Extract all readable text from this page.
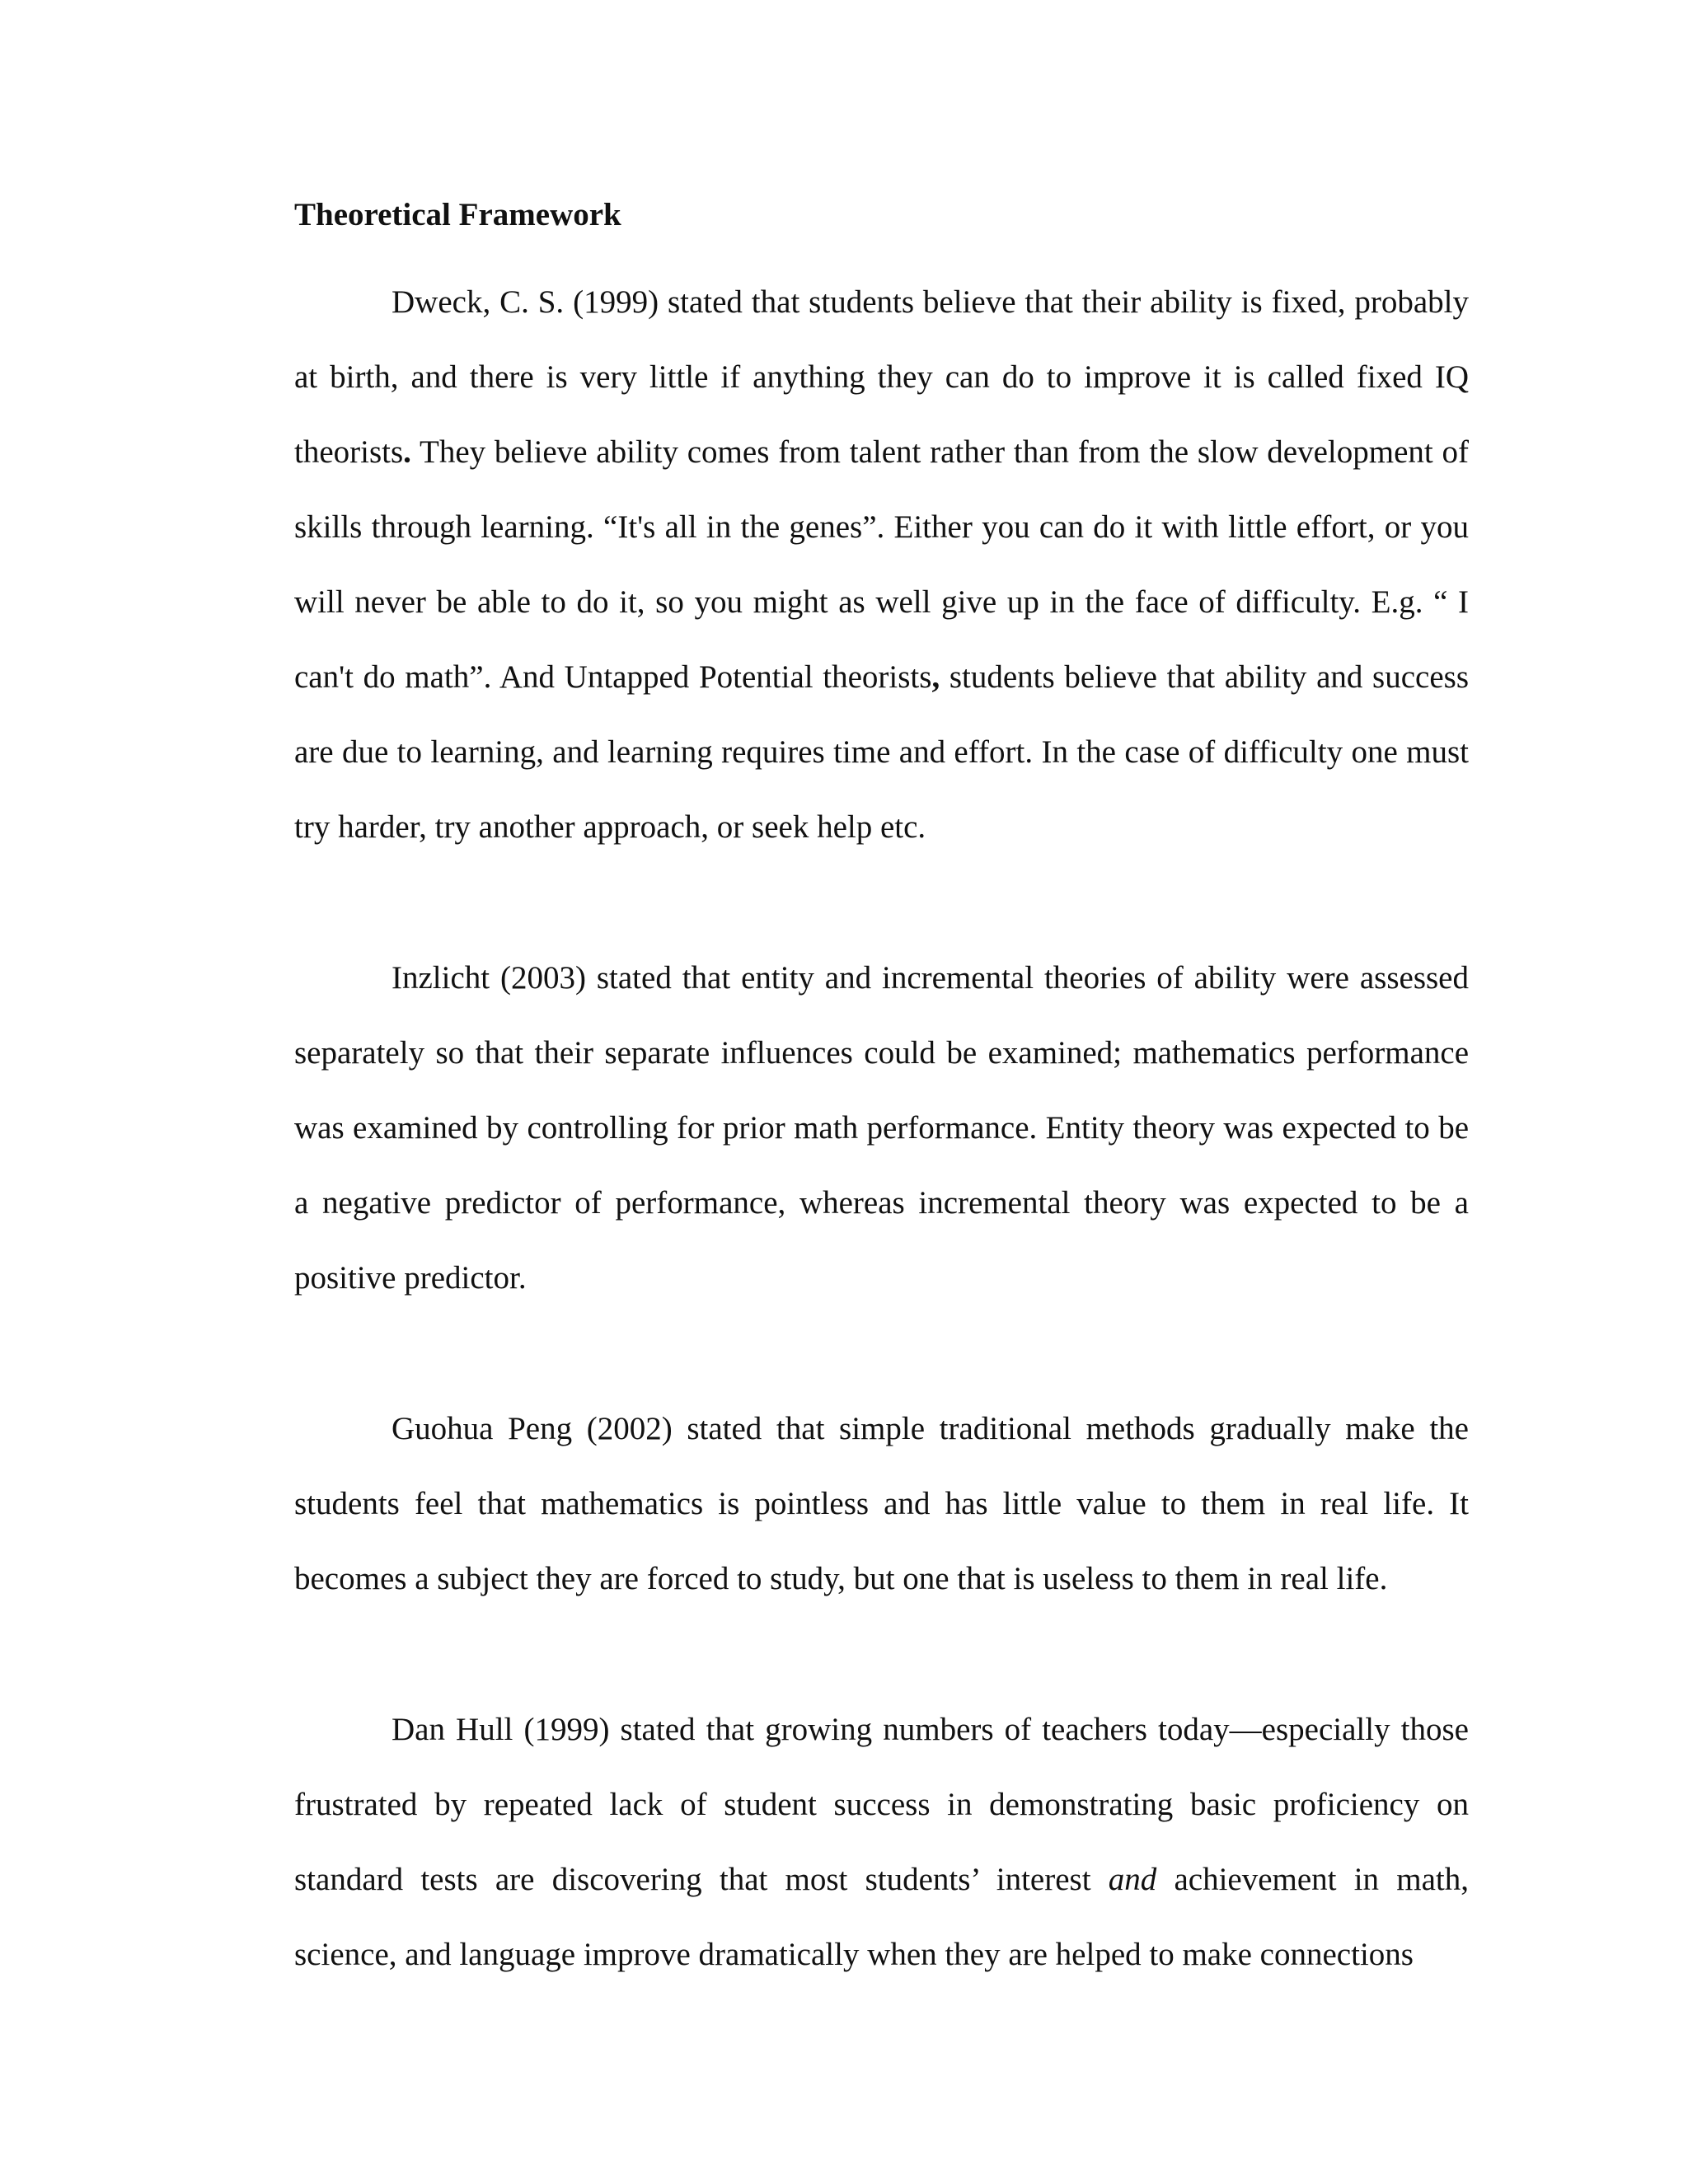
Theoretical Framework

Dweck, C. S. (1999) stated that students believe that their ability is fixed, probably at birth, and there is very little if anything they can do to improve it is called fixed IQ theorists. They believe ability comes from talent rather than from the slow development of skills through learning. “It's all in the genes”. Either you can do it with little effort, or you will never be able to do it, so you might as well give up in the face of difficulty. E.g. “ I can't do math”. And Untapped Potential theorists, students believe that ability and success are due to learning, and learning requires time and effort. In the case of difficulty one must try harder, try another approach, or seek help etc.

Inzlicht (2003) stated that entity and incremental theories of ability were assessed separately so that their separate influences could be examined; mathematics performance was examined by controlling for prior math performance. Entity theory was expected to be a negative predictor of performance, whereas incremental theory was expected to be a positive predictor.

Guohua Peng (2002) stated that simple traditional methods gradually make the students feel that mathematics is pointless and has little value to them in real life. It becomes a subject they are forced to study, but one that is useless to them in real life.

Dan Hull (1999) stated that growing numbers of teachers today—especially those frustrated by repeated lack of student success in demonstrating basic proficiency on standard tests are discovering that most students’ interest and achievement in math, science, and language improve dramatically when they are helped to make connections
